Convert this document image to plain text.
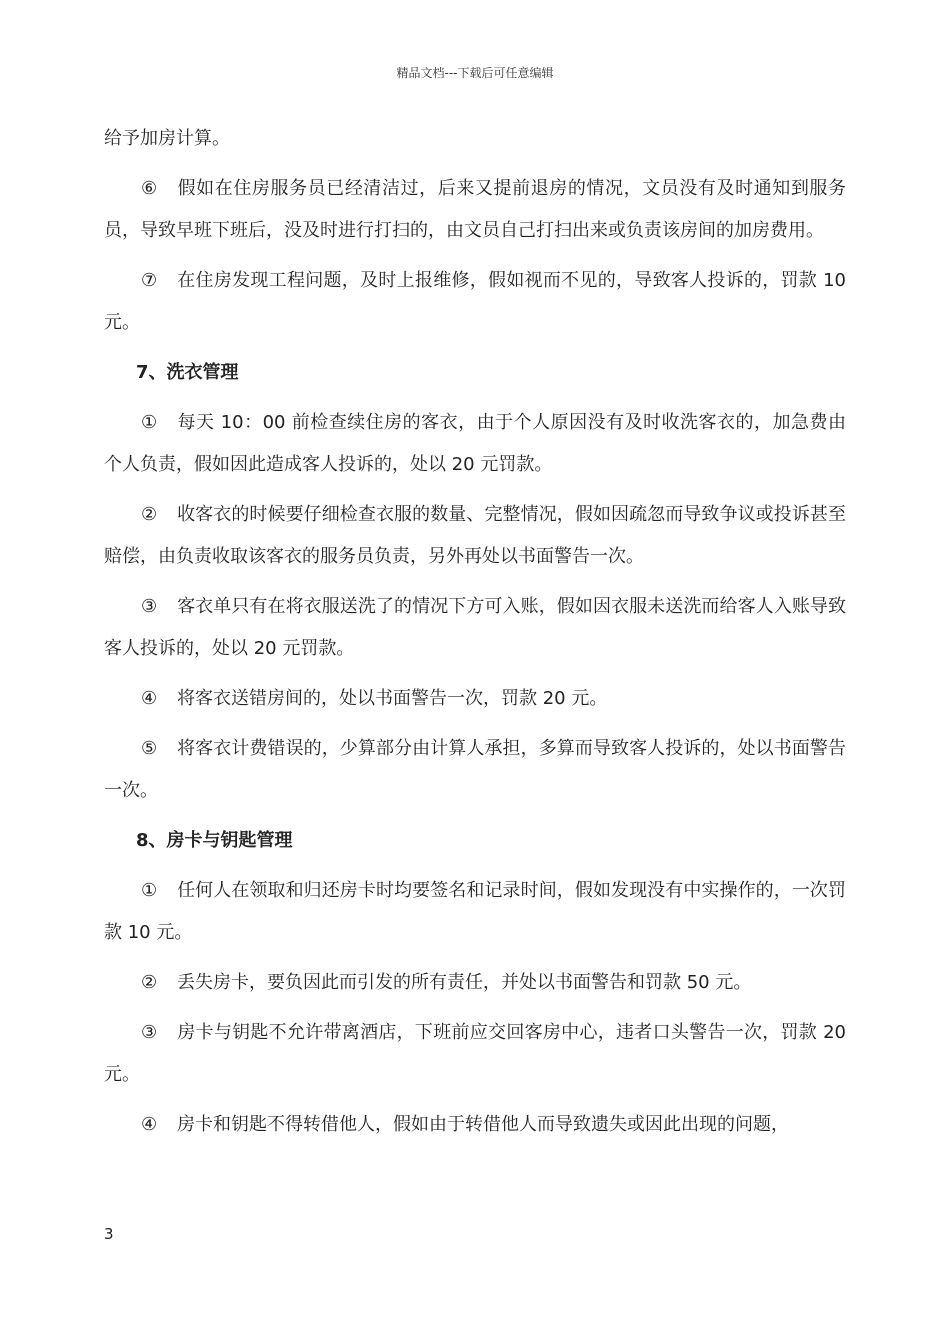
精品文档---下载后可任意编辑

给予加房计算。

⑥ 假如在住房服务员已经清洁过，后来又提前退房的情况，文员没有及时通知到服务员，导致早班下班后，没及时进行打扫的，由文员自己打扫出来或负责该房间的加房费用。

⑦ 在住房发现工程问题，及时上报维修，假如视而不见的，导致客人投诉的，罚款 10 元。

7、洗衣管理

① 每天 10：00 前检查续住房的客衣，由于个人原因没有及时收洗客衣的，加急费由个人负责，假如因此造成客人投诉的，处以 20 元罚款。

② 收客衣的时候要仔细检查衣服的数量、完整情况，假如因疏忽而导致争议或投诉甚至赔偿，由负责收取该客衣的服务员负责，另外再处以书面警告一次。

③ 客衣单只有在将衣服送洗了的情况下方可入账，假如因衣服未送洗而给客人入账导致客人投诉的，处以 20 元罚款。

④ 将客衣送错房间的，处以书面警告一次，罚款 20 元。

⑤ 将客衣计费错误的，少算部分由计算人承担，多算而导致客人投诉的，处以书面警告一次。

8、房卡与钥匙管理

① 任何人在领取和归还房卡时均要签名和记录时间，假如发现没有中实操作的，一次罚款 10 元。

② 丢失房卡，要负因此而引发的所有责任，并处以书面警告和罚款 50 元。

③ 房卡与钥匙不允许带离酒店，下班前应交回客房中心，违者口头警告一次，罚款 20 元。

④ 房卡和钥匙不得转借他人，假如由于转借他人而导致遗失或因此出现的问题，

3
